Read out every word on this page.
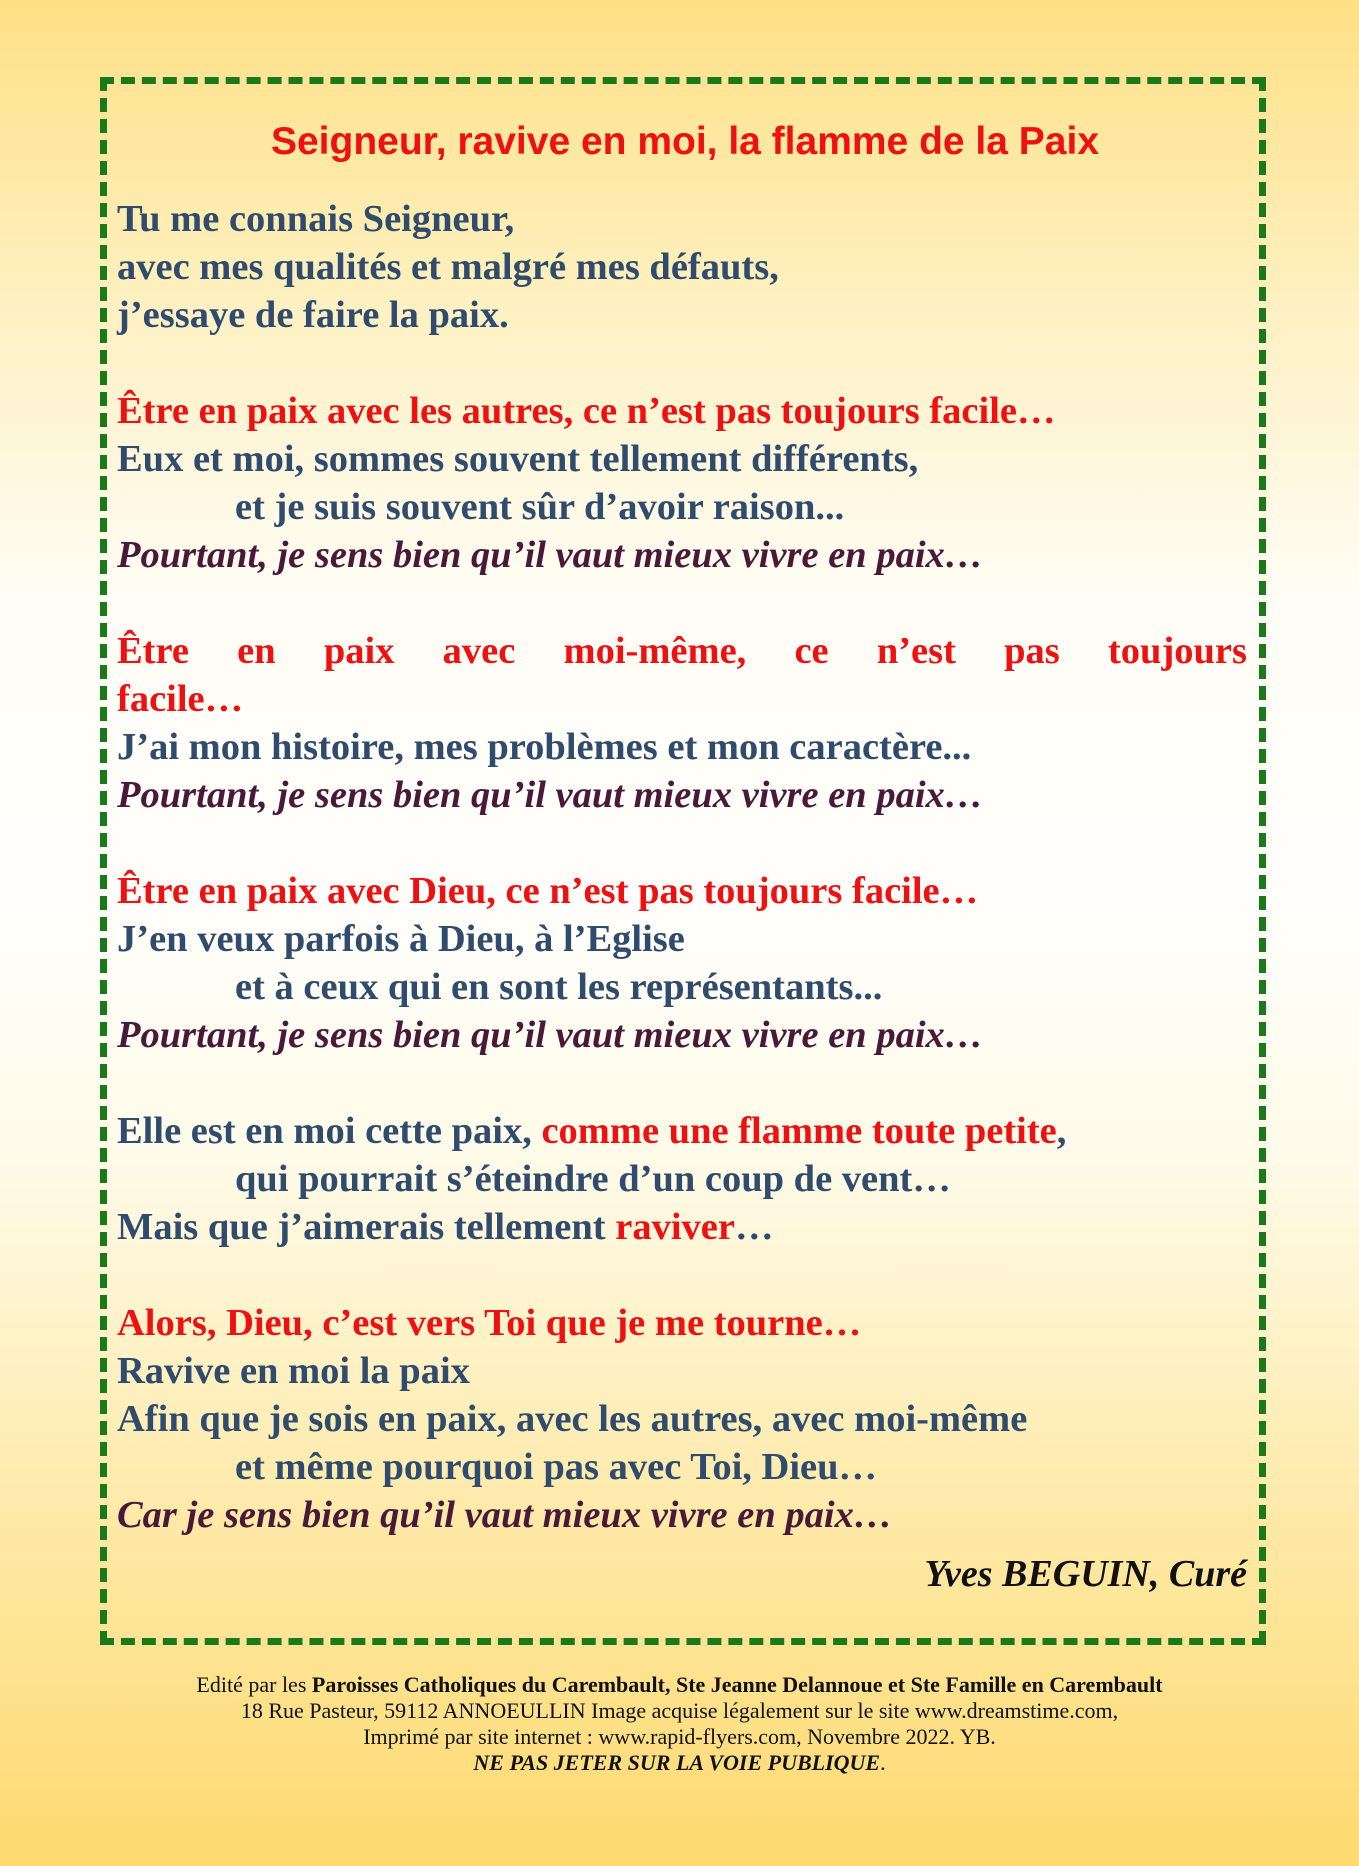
Seigneur, ravive en moi, la flamme de la Paix
Tu me connais Seigneur,
avec mes qualités et malgré mes défauts,
j’essaye de faire la paix.
Être en paix avec les autres, ce n’est pas toujours facile…
Eux et moi, sommes souvent tellement différents,
et je suis souvent sûr d’avoir raison...
Pourtant, je sens bien qu’il vaut mieux vivre en paix…
Être en paix avec moi-même, ce n’est pas toujours
facile…
J’ai mon histoire, mes problèmes et mon caractère...
Pourtant, je sens bien qu’il vaut mieux vivre en paix…
Être en paix avec Dieu, ce n’est pas toujours facile…
J’en veux parfois à Dieu, à l’Eglise
et à ceux qui en sont les représentants...
Pourtant, je sens bien qu’il vaut mieux vivre en paix…
Elle est en moi cette paix, comme une flamme toute petite,
qui pourrait s’éteindre d’un coup de vent…
Mais que j’aimerais tellement raviver…
Alors, Dieu, c’est vers Toi que je me tourne…
Ravive en moi la paix
Afin que je sois en paix, avec les autres, avec moi-même
et même pourquoi pas avec Toi, Dieu…
Car je sens bien qu’il vaut mieux vivre en paix…
Yves BEGUIN, Curé
Edité par les Paroisses Catholiques du Carembault, Ste Jeanne Delannoue et Ste Famille en Carembault
18 Rue Pasteur, 59112 ANNOEULLIN Image acquise légalement sur le site www.dreamstime.com,
Imprimé par site internet : www.rapid-flyers.com, Novembre 2022. YB.
NE PAS JETER SUR LA VOIE PUBLIQUE.
